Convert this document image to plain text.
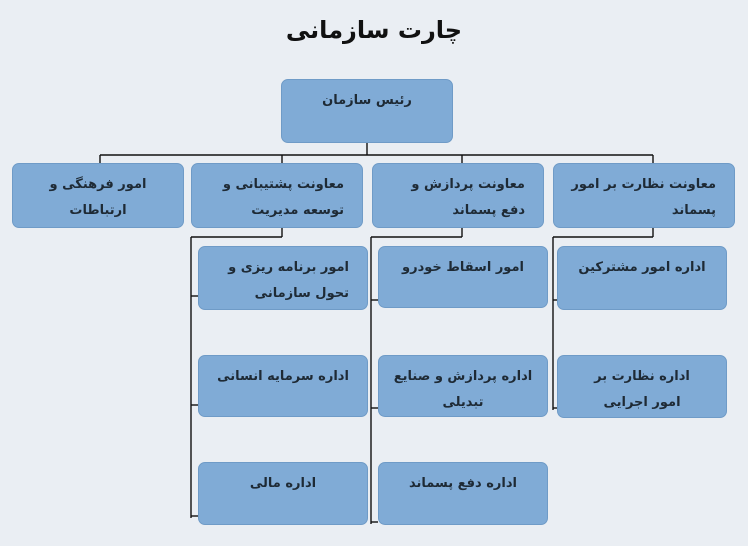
چارت سازمانی
رئیس سازمان
امور فرهنگی و ارتباطات
معاونت پشتیبانی و توسعه مدیریت
معاونت پردازش و دفع پسماند
معاونت نظارت بر امور پسماند
امور برنامه ریزی و تحول سازمانی
اداره سرمایه انسانی
اداره مالی
امور اسقاط خودرو
اداره پردازش و صنایع تبدیلی
اداره دفع پسماند
اداره امور مشترکین
اداره نظارت بر امور اجرایی
